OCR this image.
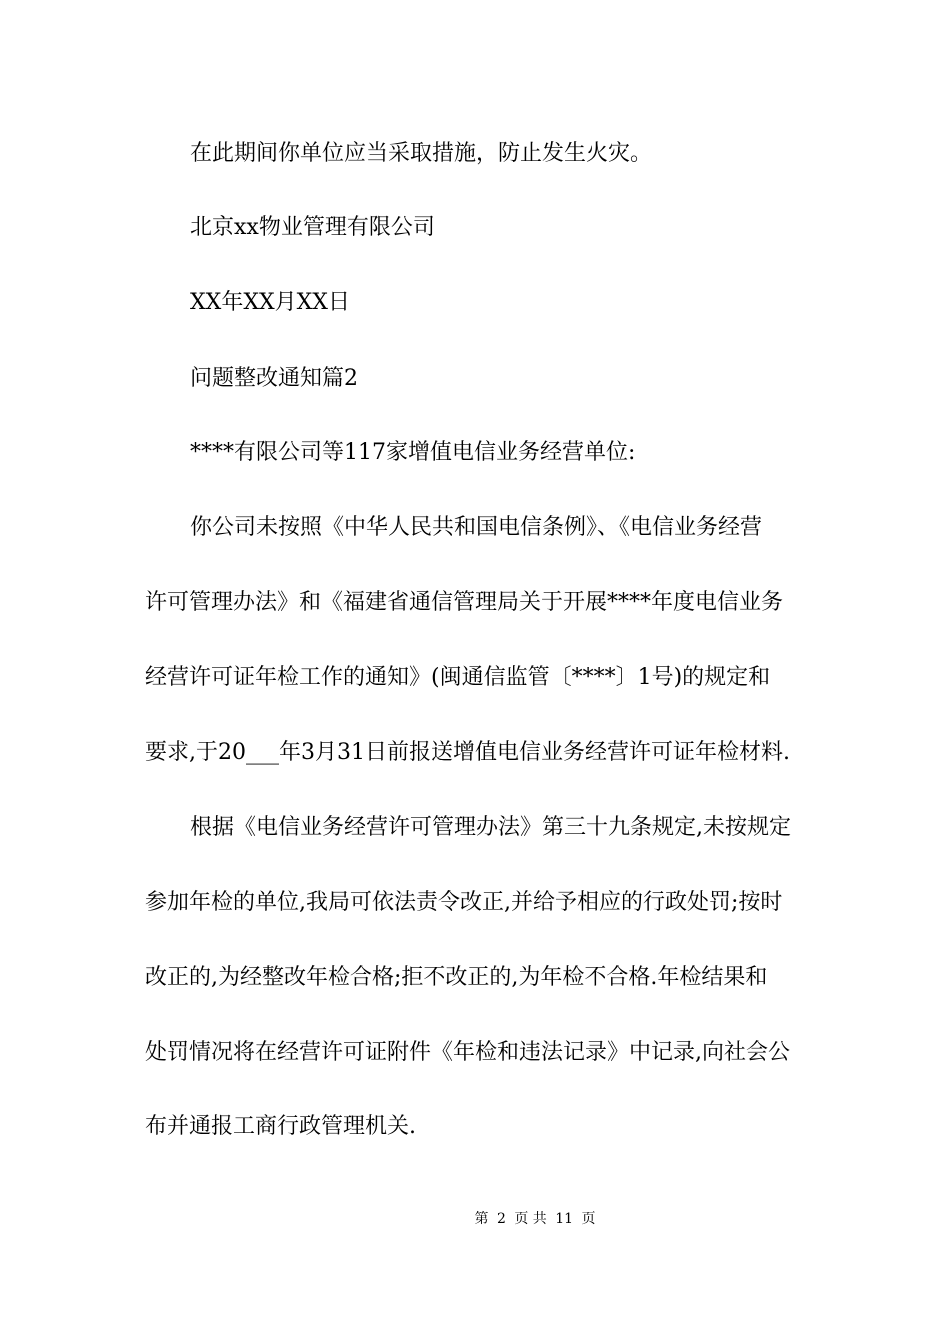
在此期间你单位应当采取措施，防止发生火灾。
北京xx物业管理有限公司
XX年XX月XX日
问题整改通知篇2
****有限公司等117家增值电信业务经营单位:
你公司未按照《中华人民共和国电信条例》、《电信业务经营
许可管理办法》和《福建省通信管理局关于开展****年度电信业务
经营许可证年检工作的通知》(闽通信监管〔****〕1号)的规定和
要求,于20___年3月31日前报送增值电信业务经营许可证年检材料.
根据《电信业务经营许可管理办法》第三十九条规定,未按规定
参加年检的单位,我局可依法责令改正,并给予相应的行政处罚;按时
改正的,为经整改年检合格;拒不改正的,为年检不合格.年检结果和
处罚情况将在经营许可证附件《年检和违法记录》中记录,向社会公
布并通报工商行政管理机关.
第 2 页 共 11 页
